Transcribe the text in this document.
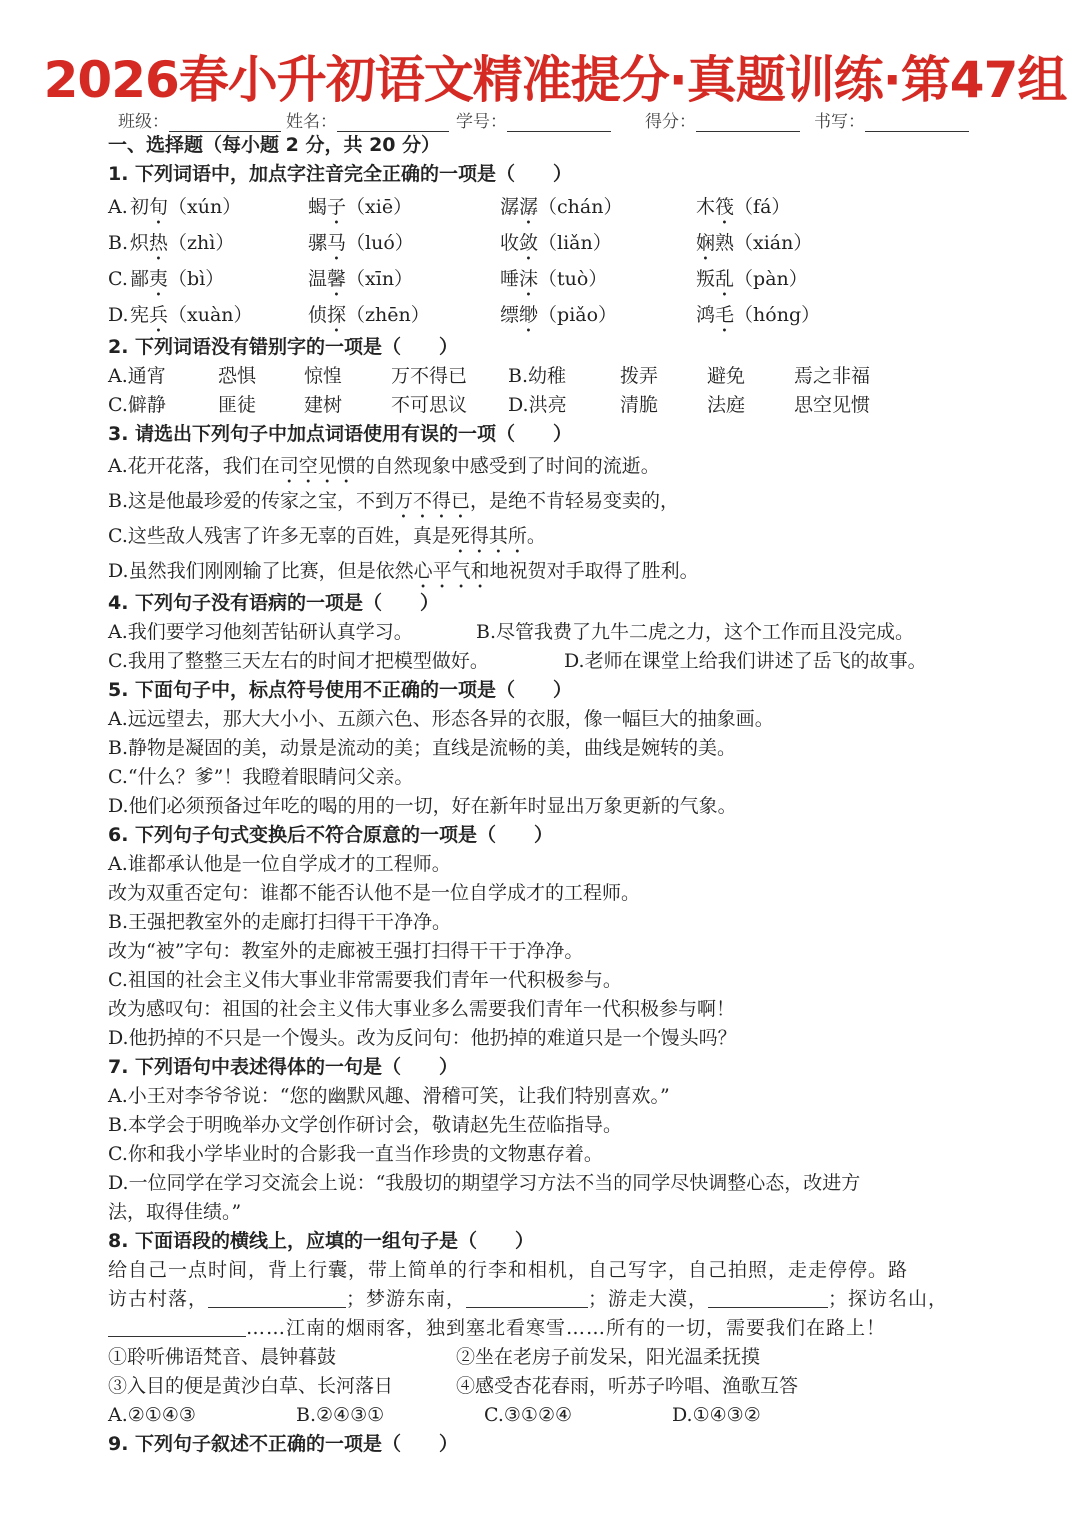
2026春小升初语文精准提分·真题训练·第47组
班级：	姓名：	学号：	得分：	书写：
一、选择题（每小题 2 分，共 20 分）
1. 下列词语中，加点字注音完全正确的一项是（　　）
A. 初旬（xún）	蝎子（xiē）	潺潺（chán）	木筏（fá）
B. 炽热（zhì）	骡马（luó）	收敛（liǎn）	娴熟（xián）
C. 鄙夷（bì）	温馨（xīn）	唾沫（tuò）	叛乱（pàn）
D. 宪兵（xuàn）	侦探（zhēn）	缥缈（piǎo）	鸿毛（hóng）
2. 下列词语没有错别字的一项是（　　）
A.通宵	恐惧	惊惶	万不得已 B.幼稚	拨弄	避免	焉之非福
C.僻静	匪徒	建树	不可思议 D.洪亮	清脆	法庭	思空见惯
3. 请选出下列句子中加点词语使用有误的一项（　　）
A.花开花落，我们在司空见惯的自然现象中感受到了时间的流逝。
B.这是他最珍爱的传家之宝，不到万不得已，是绝不肯轻易变卖的，
C.这些敌人残害了许多无辜的百姓，真是死得其所。
D.虽然我们刚刚输了比赛，但是依然心平气和地祝贺对手取得了胜利。
4. 下列句子没有语病的一项是（　　）
A.我们要学习他刻苦钻研认真学习。	B.尽管我费了九牛二虎之力，这个工作而且没完成。
C.我用了整整三天左右的时间才把模型做好。	D.老师在课堂上给我们讲述了岳飞的故事。
5. 下面句子中，标点符号使用不正确的一项是（　　）
A.远远望去，那大大小小、五颜六色、形态各异的衣服，像一幅巨大的抽象画。
B.静物是凝固的美，动景是流动的美；直线是流畅的美，曲线是婉转的美。
C.“什么？爹”！我瞪着眼睛问父亲。
D.他们必须预备过年吃的喝的用的一切，好在新年时显出万象更新的气象。
6. 下列句子句式变换后不符合原意的一项是（　　）
A.谁都承认他是一位自学成才的工程师。
改为双重否定句：谁都不能否认他不是一位自学成才的工程师。
B.王强把教室外的走廊打扫得干干净净。
改为“被”字句：教室外的走廊被王强打扫得干干于净净。
C.祖国的社会主义伟大事业非常需要我们青年一代积极参与。
改为感叹句：祖国的社会主义伟大事业多么需要我们青年一代积极参与啊！
D.他扔掉的不只是一个馒头。改为反问句：他扔掉的难道只是一个馒头吗？
7. 下列语句中表述得体的一句是（　　）
A.小王对李爷爷说：“您的幽默风趣、滑稽可笑，让我们特别喜欢。”
B.本学会于明晚举办文学创作研讨会，敬请赵先生莅临指导。
C.你和我小学毕业时的合影我一直当作珍贵的文物惠存着。
D.一位同学在学习交流会上说：“我殷切的期望学习方法不当的同学尽快调整心态，改进方
法，取得佳绩。”
8. 下面语段的横线上，应填的一组句子是（　　）
给自己一点时间，背上行囊，带上简单的行李和相机，自己写字，自己拍照，走走停停。路
访古村落，	；梦游东南，	；游走大漠，	；探访名山，
……江南的烟雨客，独到塞北看寒雪……所有的一切，需要我们在路上！
①聆听佛语梵音、晨钟暮鼓	②坐在老房子前发呆，阳光温柔抚摸
③入目的便是黄沙白草、长河落日	④感受杏花春雨，听苏子吟唱、渔歌互答
A.②①④③	B.②④③①	C.③①②④	D.①④③②
9. 下列句子叙述不正确的一项是（　　）
